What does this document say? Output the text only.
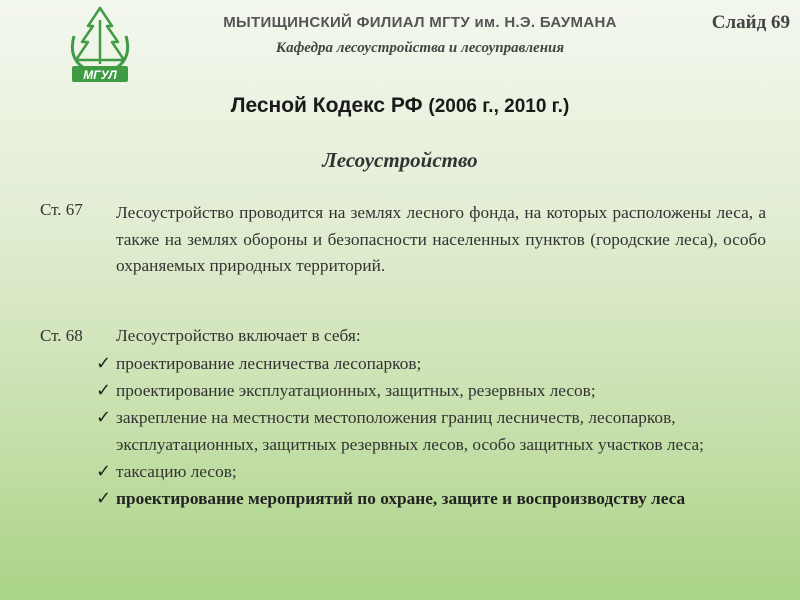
МГУЛ
МЫТИЩИНСКИЙ ФИЛИАЛ МГТУ им. Н.Э. БАУМАНА	Слайд 69
Кафедра лесоустройства и лесоуправления
Лесной Кодекс РФ (2006 г., 2010 г.)
Лесоустройство
Ст. 67 Лесоустройство проводится на землях лесного фонда, на которых расположены леса, а также на землях обороны и безопасности населенных пунктов (городские леса), особо охраняемых природных территорий.
Ст. 68 Лесоустройство включает в себя:
✓ проектирование лесничества лесопарков;
✓ проектирование эксплуатационных, защитных, резервных лесов;
✓ закрепление на местности местоположения границ лесничеств, лесопарков, эксплуатационных, защитных резервных лесов, особо защитных участков леса;
✓ таксацию лесов;
✓ проектирование мероприятий по охране, защите и воспроизводству леса
